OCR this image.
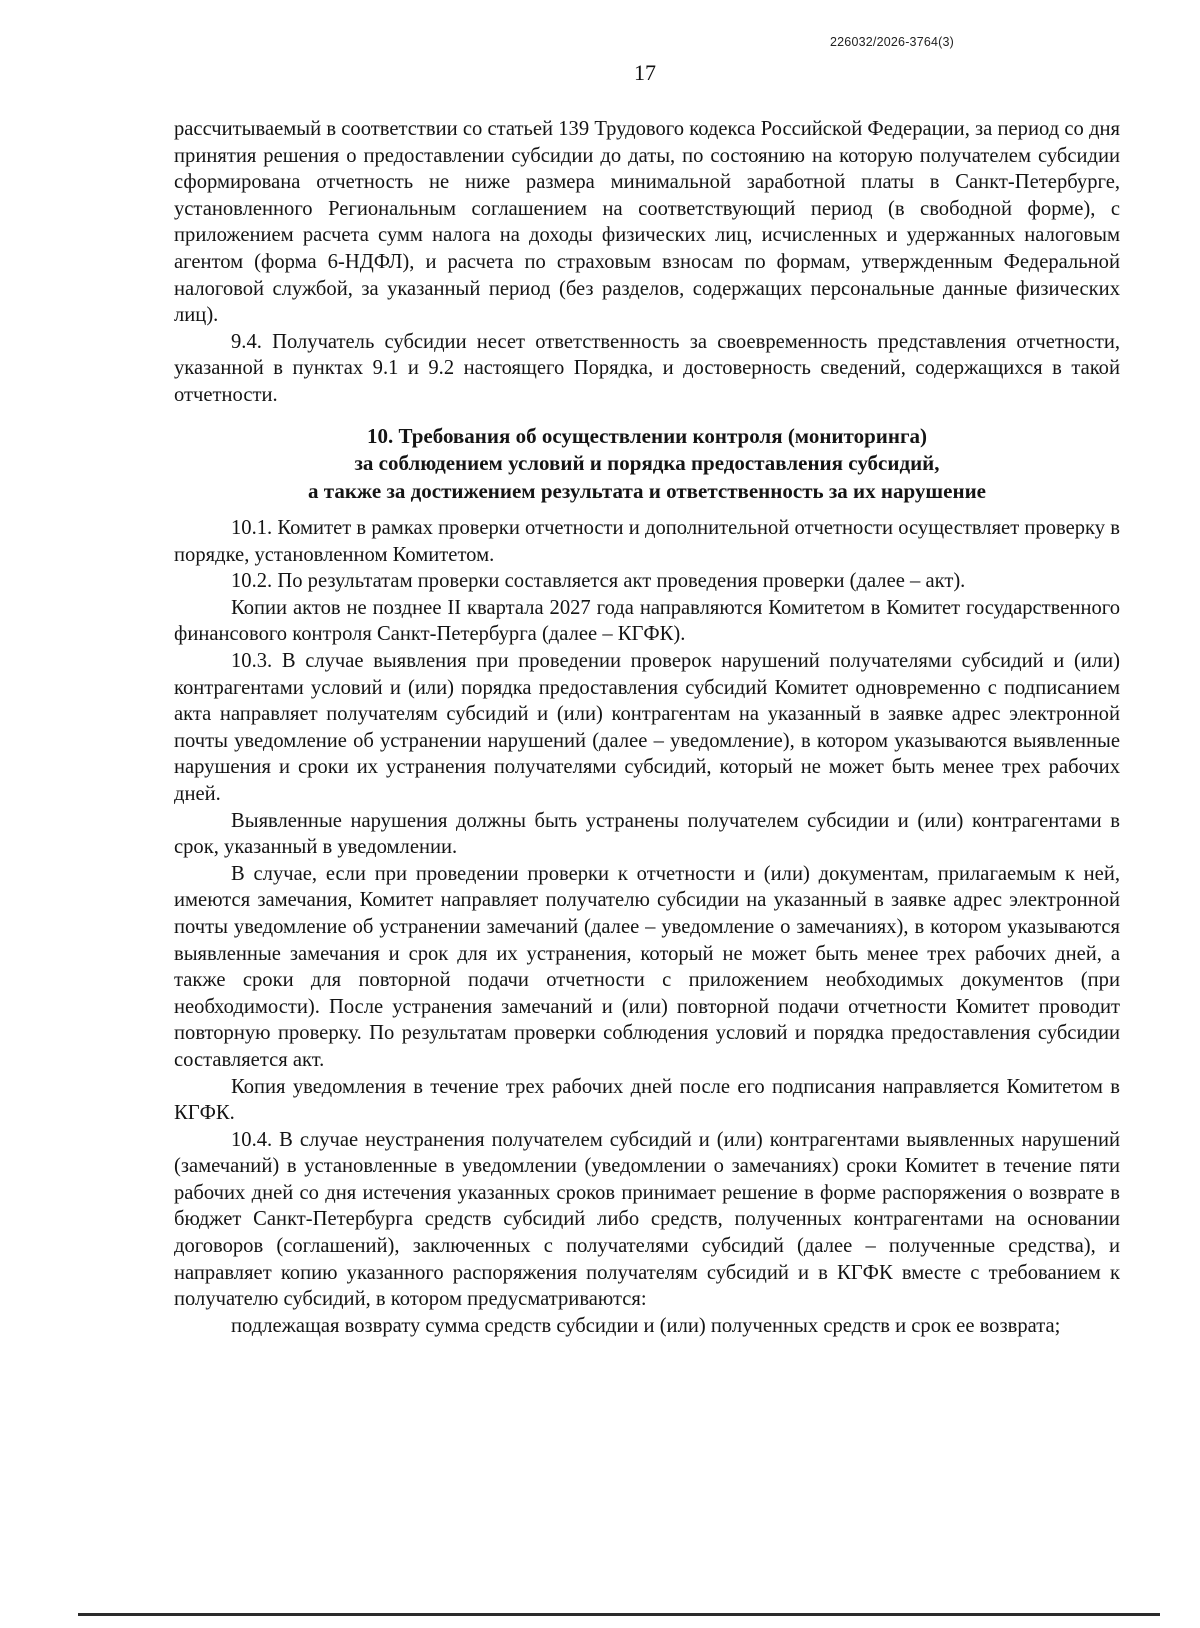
226032/2026-3764(3)
17

рассчитываемый в соответствии со статьей 139 Трудового кодекса Российской Федерации, за период со дня принятия решения о предоставлении субсидии до даты, по состоянию на которую получателем субсидии сформирована отчетность не ниже размера минимальной заработной платы в Санкт-Петербурге, установленного Региональным соглашением на соответствующий период (в свободной форме), с приложением расчета сумм налога на доходы физических лиц, исчисленных и удержанных налоговым агентом (форма 6-НДФЛ), и расчета по страховым взносам по формам, утвержденным Федеральной налоговой службой, за указанный период (без разделов, содержащих персональные данные физических лиц).

9.4. Получатель субсидии несет ответственность за своевременность представления отчетности, указанной в пунктах 9.1 и 9.2 настоящего Порядка, и достоверность сведений, содержащихся в такой отчетности.

10. Требования об осуществлении контроля (мониторинга)
за соблюдением условий и порядка предоставления субсидий,
а также за достижением результата и ответственность за их нарушение

10.1. Комитет в рамках проверки отчетности и дополнительной отчетности осуществляет проверку в порядке, установленном Комитетом.

10.2. По результатам проверки составляется акт проведения проверки (далее – акт).

Копии актов не позднее II квартала 2027 года направляются Комитетом в Комитет государственного финансового контроля Санкт-Петербурга (далее – КГФК).

10.3. В случае выявления при проведении проверок нарушений получателями субсидий и (или) контрагентами условий и (или) порядка предоставления субсидий Комитет одновременно с подписанием акта направляет получателям субсидий и (или) контрагентам на указанный в заявке адрес электронной почты уведомление об устранении нарушений (далее – уведомление), в котором указываются выявленные нарушения и сроки их устранения получателями субсидий, который не может быть менее трех рабочих дней.

Выявленные нарушения должны быть устранены получателем субсидии и (или) контрагентами в срок, указанный в уведомлении.

В случае, если при проведении проверки к отчетности и (или) документам, прилагаемым к ней, имеются замечания, Комитет направляет получателю субсидии на указанный в заявке адрес электронной почты уведомление об устранении замечаний (далее – уведомление о замечаниях), в котором указываются выявленные замечания и срок для их устранения, который не может быть менее трех рабочих дней, а также сроки для повторной подачи отчетности с приложением необходимых документов (при необходимости). После устранения замечаний и (или) повторной подачи отчетности Комитет проводит повторную проверку. По результатам проверки соблюдения условий и порядка предоставления субсидии составляется акт.

Копия уведомления в течение трех рабочих дней после его подписания направляется Комитетом в КГФК.

10.4. В случае неустранения получателем субсидий и (или) контрагентами выявленных нарушений (замечаний) в установленные в уведомлении (уведомлении о замечаниях) сроки Комитет в течение пяти рабочих дней со дня истечения указанных сроков принимает решение в форме распоряжения о возврате в бюджет Санкт-Петербурга средств субсидий либо средств, полученных контрагентами на основании договоров (соглашений), заключенных с получателями субсидий (далее – полученные средства), и направляет копию указанного распоряжения получателям субсидий и в КГФК вместе с требованием к получателю субсидий, в котором предусматриваются:

подлежащая возврату сумма средств субсидии и (или) полученных средств и срок ее возврата;
